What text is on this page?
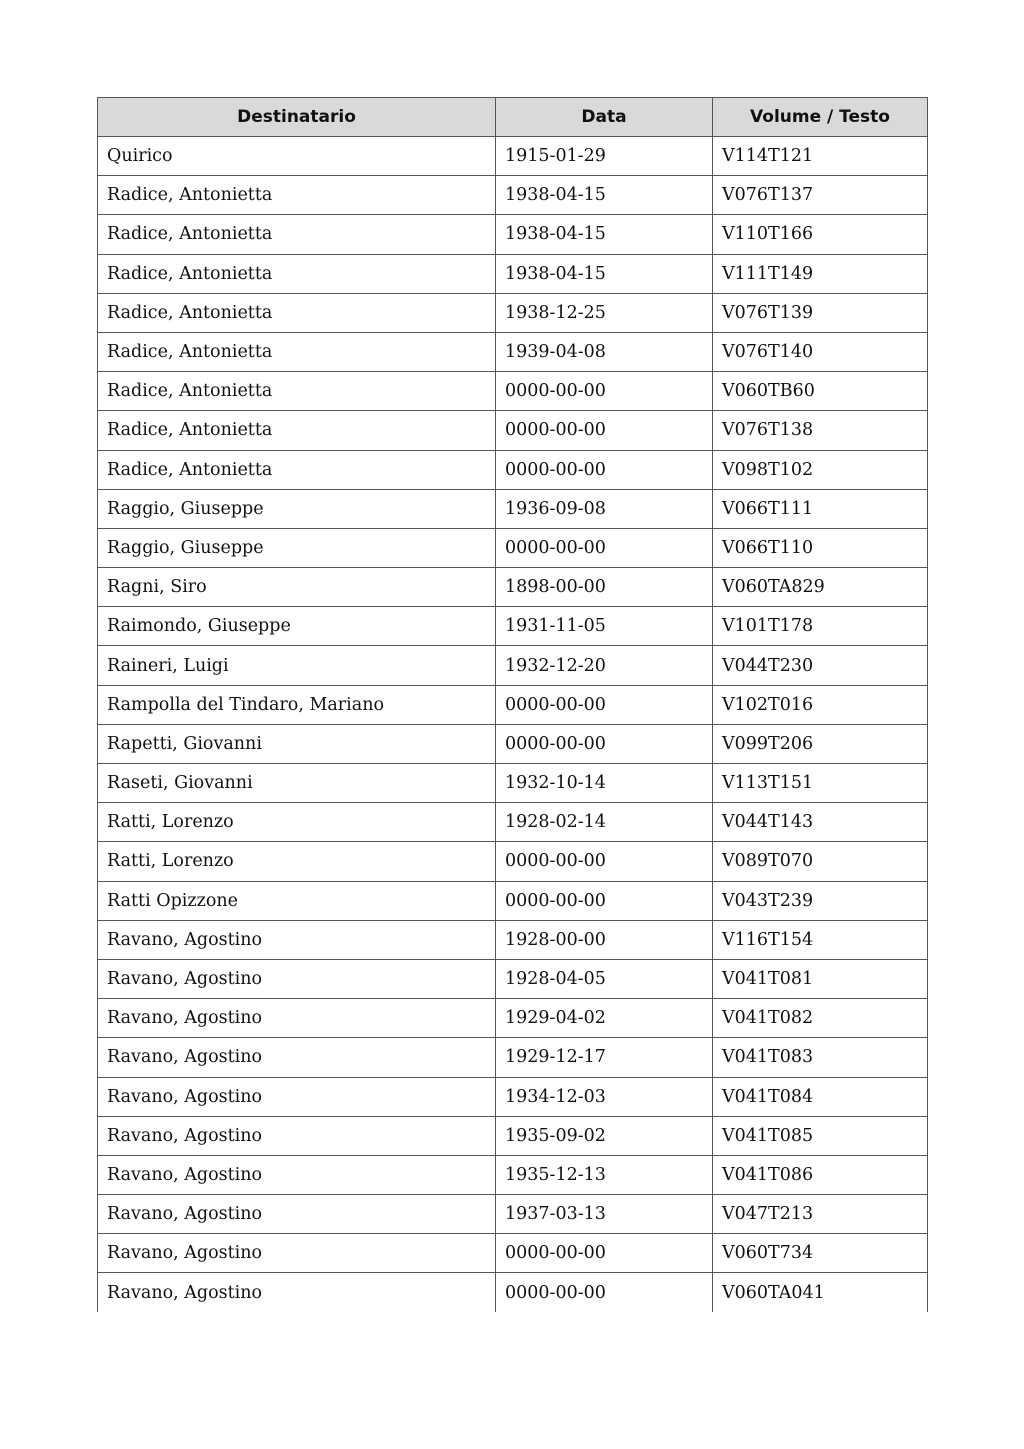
Destinatario	Data	Volume / Testo
Quirico	1915-01-29	V114T121
Radice, Antonietta	1938-04-15	V076T137
Radice, Antonietta	1938-04-15	V110T166
Radice, Antonietta	1938-04-15	V111T149
Radice, Antonietta	1938-12-25	V076T139
Radice, Antonietta	1939-04-08	V076T140
Radice, Antonietta	0000-00-00	V060TB60
Radice, Antonietta	0000-00-00	V076T138
Radice, Antonietta	0000-00-00	V098T102
Raggio, Giuseppe	1936-09-08	V066T111
Raggio, Giuseppe	0000-00-00	V066T110
Ragni, Siro	1898-00-00	V060TA829
Raimondo, Giuseppe	1931-11-05	V101T178
Raineri, Luigi	1932-12-20	V044T230
Rampolla del Tindaro, Mariano	0000-00-00	V102T016
Rapetti, Giovanni	0000-00-00	V099T206
Raseti, Giovanni	1932-10-14	V113T151
Ratti, Lorenzo	1928-02-14	V044T143
Ratti, Lorenzo	0000-00-00	V089T070
Ratti Opizzone	0000-00-00	V043T239
Ravano, Agostino	1928-00-00	V116T154
Ravano, Agostino	1928-04-05	V041T081
Ravano, Agostino	1929-04-02	V041T082
Ravano, Agostino	1929-12-17	V041T083
Ravano, Agostino	1934-12-03	V041T084
Ravano, Agostino	1935-09-02	V041T085
Ravano, Agostino	1935-12-13	V041T086
Ravano, Agostino	1937-03-13	V047T213
Ravano, Agostino	0000-00-00	V060T734
Ravano, Agostino	0000-00-00	V060TA041
